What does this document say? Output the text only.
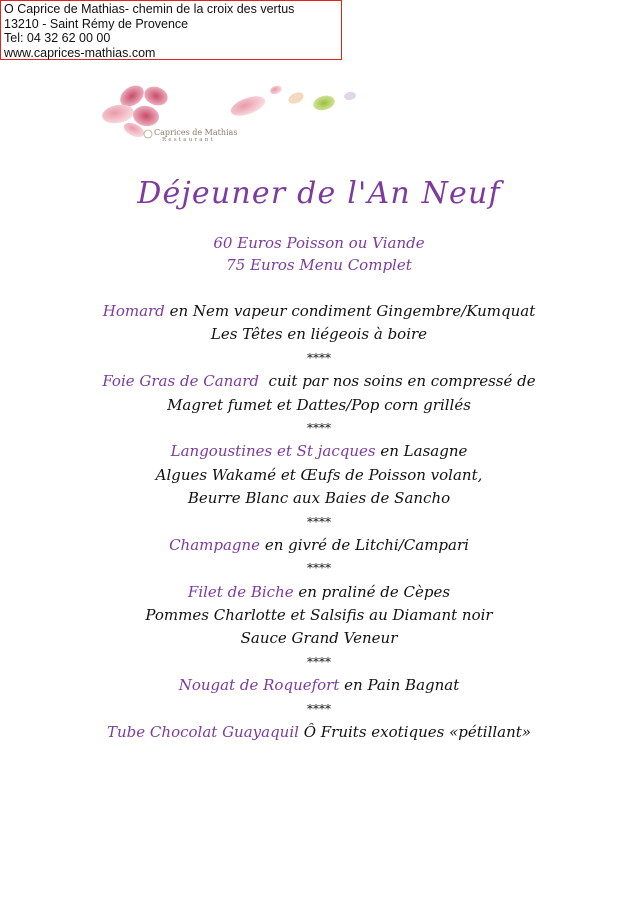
O Caprice de Mathias- chemin de la croix des vertus
13210 - Saint Rémy de Provence
Tel: 04 32 62 00 00
www.caprices-mathias.com
Caprices de Mathias
Restaurant
Déjeuner de l'An Neuf
60 Euros Poisson ou Viande
75 Euros Menu Complet
Homard en Nem vapeur condiment Gingembre/Kumquat
Les Têtes en liégeois à boire
****
Foie Gras de Canard  cuit par nos soins en compressé de
Magret fumet et Dattes/Pop corn grillés
****
Langoustines et St jacques en Lasagne
Algues Wakamé et Œufs de Poisson volant,
Beurre Blanc aux Baies de Sancho
****
Champagne en givré de Litchi/Campari
****
Filet de Biche en praliné de Cèpes
Pommes Charlotte et Salsifis au Diamant noir
Sauce Grand Veneur
****
Nougat de Roquefort en Pain Bagnat
****
Tube Chocolat Guayaquil Ô Fruits exotiques «pétillant»
